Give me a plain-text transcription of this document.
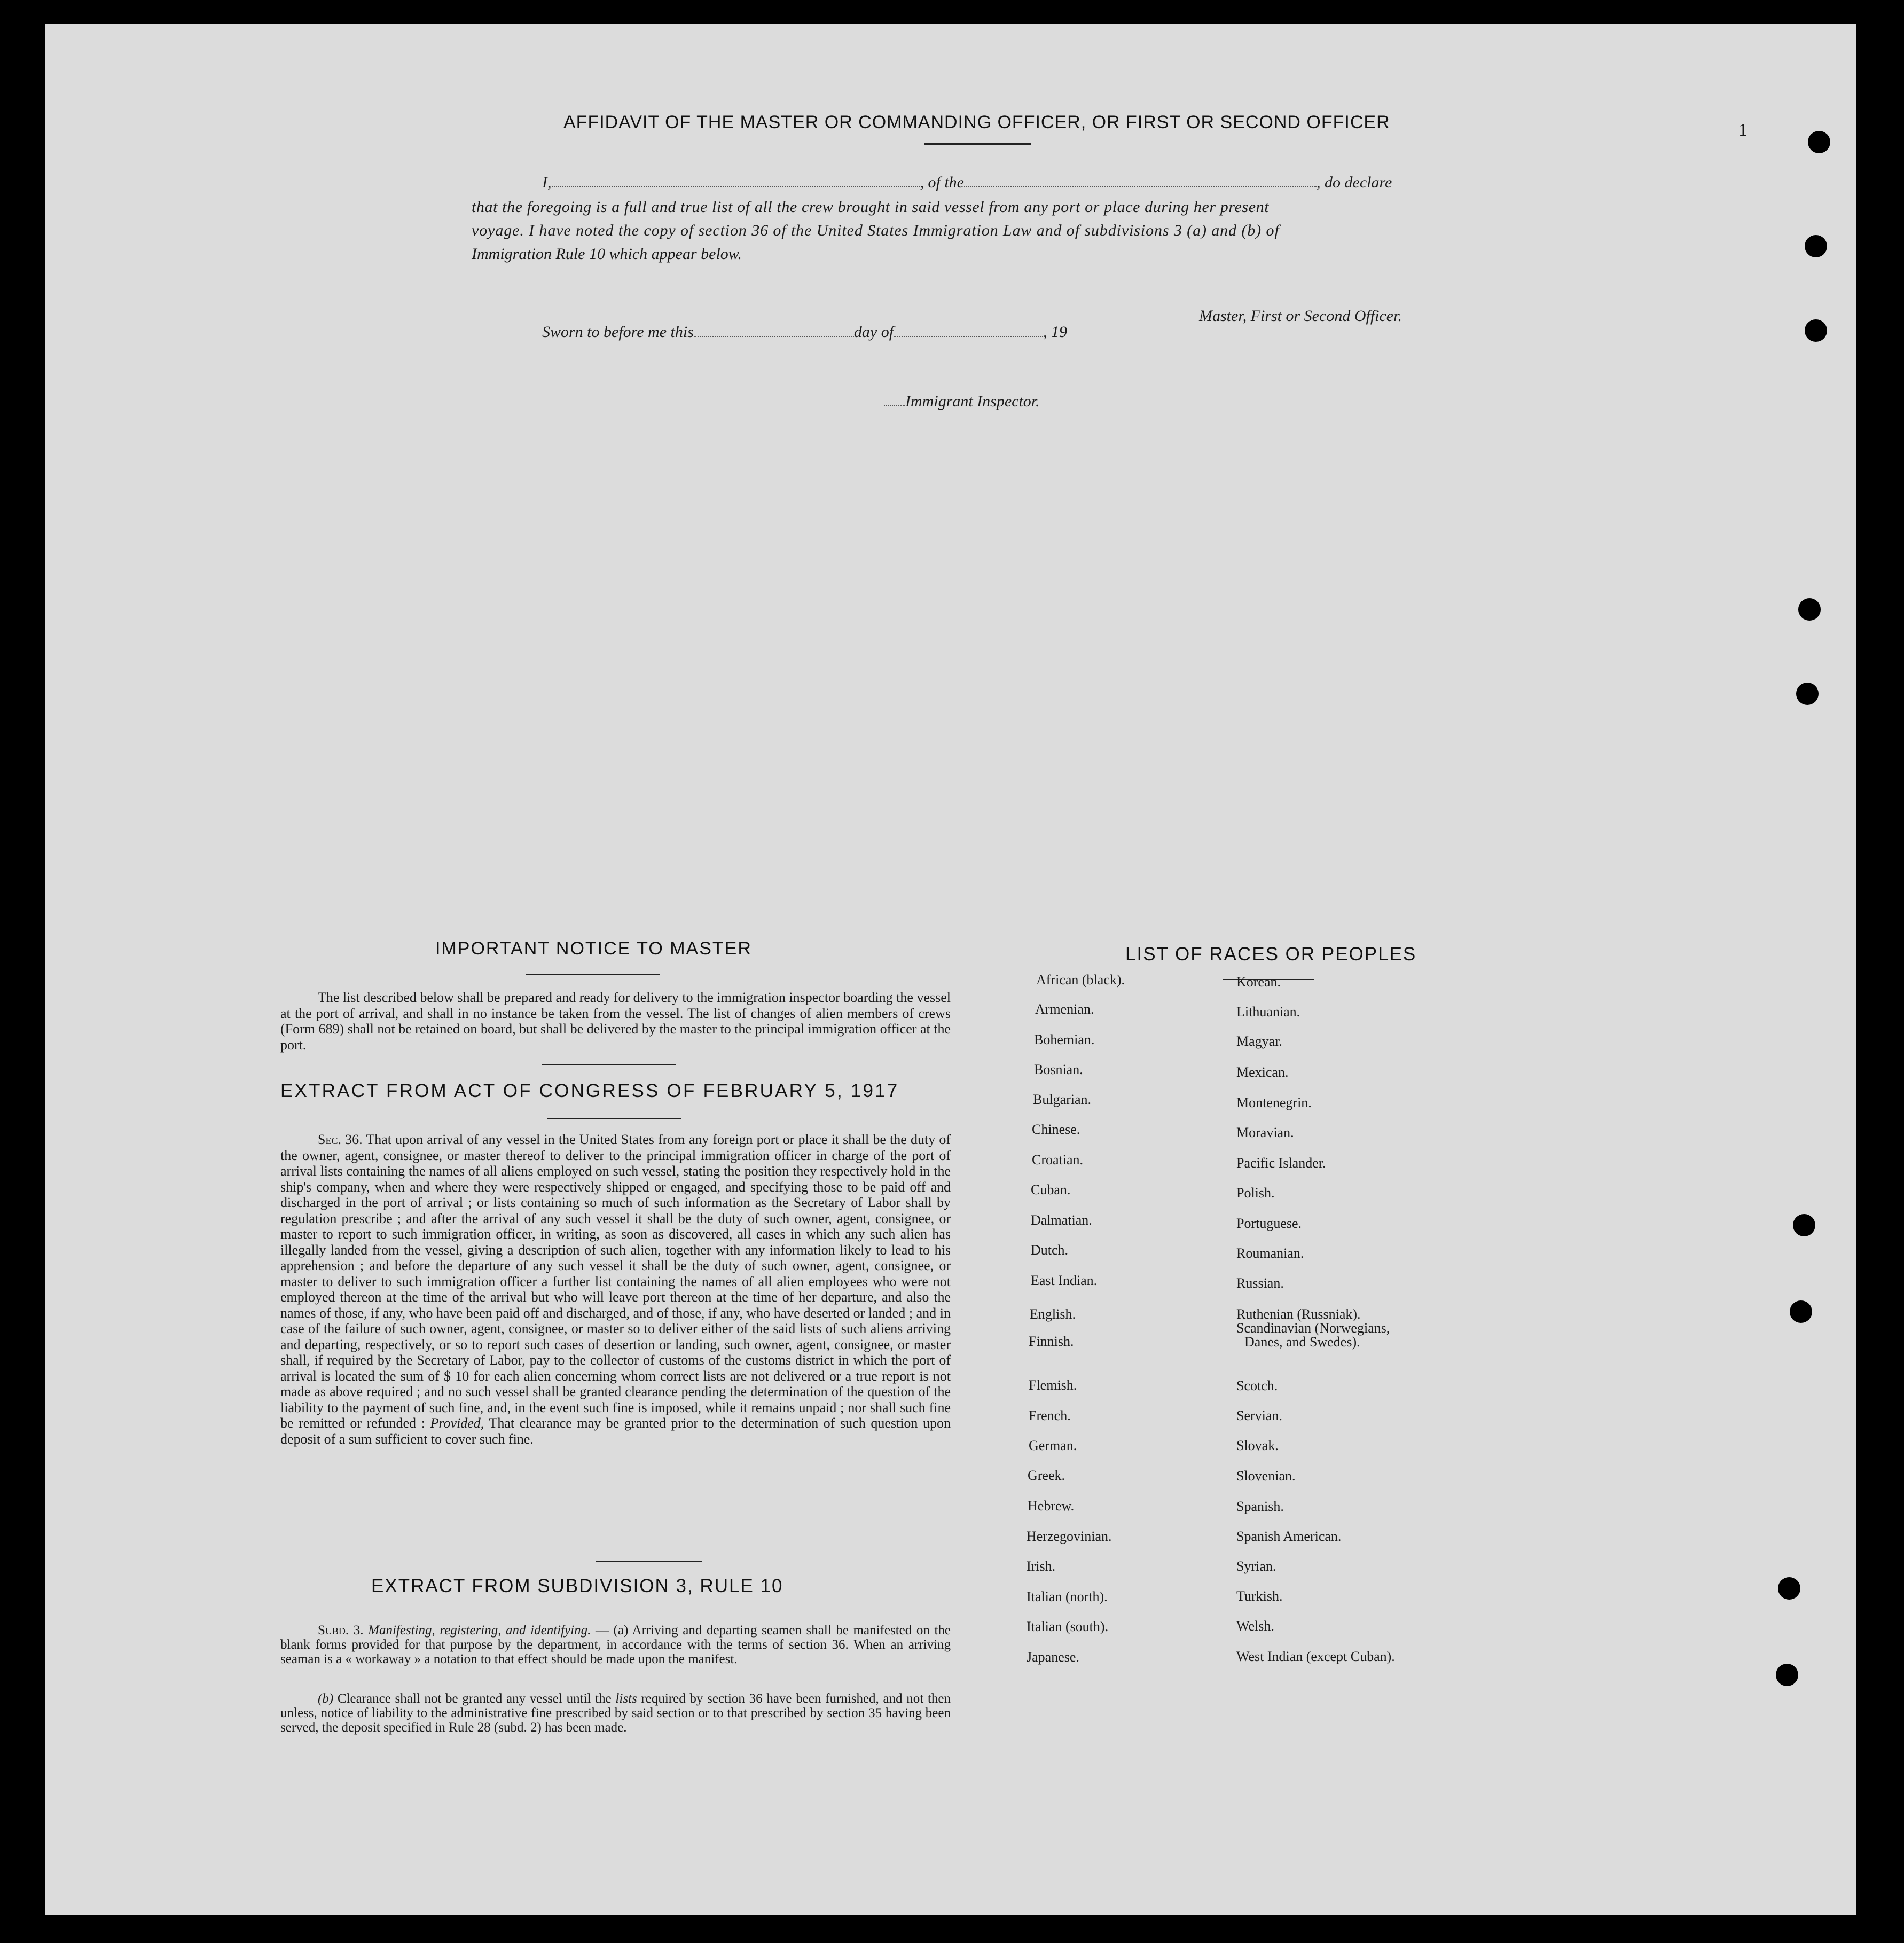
1
AFFIDAVIT OF THE MASTER OR COMMANDING OFFICER, OR FIRST OR SECOND OFFICER
I,	, of the	, do declare
that the foregoing is a full and true list of all the crew brought in said vessel from any port or place during her present
voyage. I have noted the copy of section 36 of the United States Immigration Law and of subdivisions 3 (a) and (b) of
Immigration Rule 10 which appear below.
Master, First or Second Officer.
Sworn to before me this	day of	, 19
Immigrant Inspector.
IMPORTANT NOTICE TO MASTER
The list described below shall be prepared and ready for delivery to the immigration inspector boarding the vessel at the port of arrival, and shall in no instance be taken from the vessel. The list of changes of alien members of crews (Form 689) shall not be retained on board, but shall be delivered by the master to the principal immigration officer at the port.
EXTRACT FROM ACT OF CONGRESS OF FEBRUARY 5, 1917
Sec. 36. That upon arrival of any vessel in the United States from any foreign port or place it shall be the duty of the owner, agent, consignee, or master thereof to deliver to the principal immigration officer in charge of the port of arrival lists containing the names of all aliens employed on such vessel, stating the position they respectively hold in the ship's company, when and where they were respectively shipped or engaged, and specifying those to be paid off and discharged in the port of arrival ; or lists containing so much of such information as the Secretary of Labor shall by regulation prescribe ; and after the arrival of any such vessel it shall be the duty of such owner, agent, consignee, or master to report to such immigration officer, in writing, as soon as discovered, all cases in which any such alien has illegally landed from the vessel, giving a description of such alien, together with any information likely to lead to his apprehension ; and before the departure of any such vessel it shall be the duty of such owner, agent, consignee, or master to deliver to such immigration officer a further list containing the names of all alien employees who were not employed thereon at the time of the arrival but who will leave port thereon at the time of her departure, and also the names of those, if any, who have been paid off and discharged, and of those, if any, who have deserted or landed ; and in case of the failure of such owner, agent, consignee, or master so to deliver either of the said lists of such aliens arriving and departing, respectively, or so to report such cases of desertion or landing, such owner, agent, consignee, or master shall, if required by the Secretary of Labor, pay to the collector of customs of the customs district in which the port of arrival is located the sum of $ 10 for each alien concerning whom correct lists are not delivered or a true report is not made as above required ; and no such vessel shall be granted clearance pending the determination of the question of the liability to the payment of such fine, and, in the event such fine is imposed, while it remains unpaid ; nor shall such fine be remitted or refunded : Provided, That clearance may be granted prior to the determination of such question upon deposit of a sum sufficient to cover such fine.
EXTRACT FROM SUBDIVISION 3, RULE 10
Subd. 3. Manifesting, registering, and identifying. — (a) Arriving and departing seamen shall be manifested on the blank forms provided for that purpose by the department, in accordance with the terms of section 36. When an arriving seaman is a « workaway » a notation to that effect should be made upon the manifest.
(b) Clearance shall not be granted any vessel until the lists required by section 36 have been furnished, and not then unless, notice of liability to the administrative fine prescribed by said section or to that prescribed by section 35 having been served, the deposit specified in Rule 28 (subd. 2) has been made.
LIST OF RACES OR PEOPLES
African (black).
Armenian.
Bohemian.
Bosnian.
Bulgarian.
Chinese.
Croatian.
Cuban.
Dalmatian.
Dutch.
East Indian.
English.
Finnish.
Flemish.
French.
German.
Greek.
Hebrew.
Herzegovinian.
Irish.
Italian (north).
Italian (south).
Japanese.
Korean.
Lithuanian.
Magyar.
Mexican.
Montenegrin.
Moravian.
Pacific Islander.
Polish.
Portuguese.
Roumanian.
Russian.
Ruthenian (Russniak).
Scandinavian (Norwegians,
Danes, and Swedes).
Scotch.
Servian.
Slovak.
Slovenian.
Spanish.
Spanish American.
Syrian.
Turkish.
Welsh.
West Indian (except Cuban).
